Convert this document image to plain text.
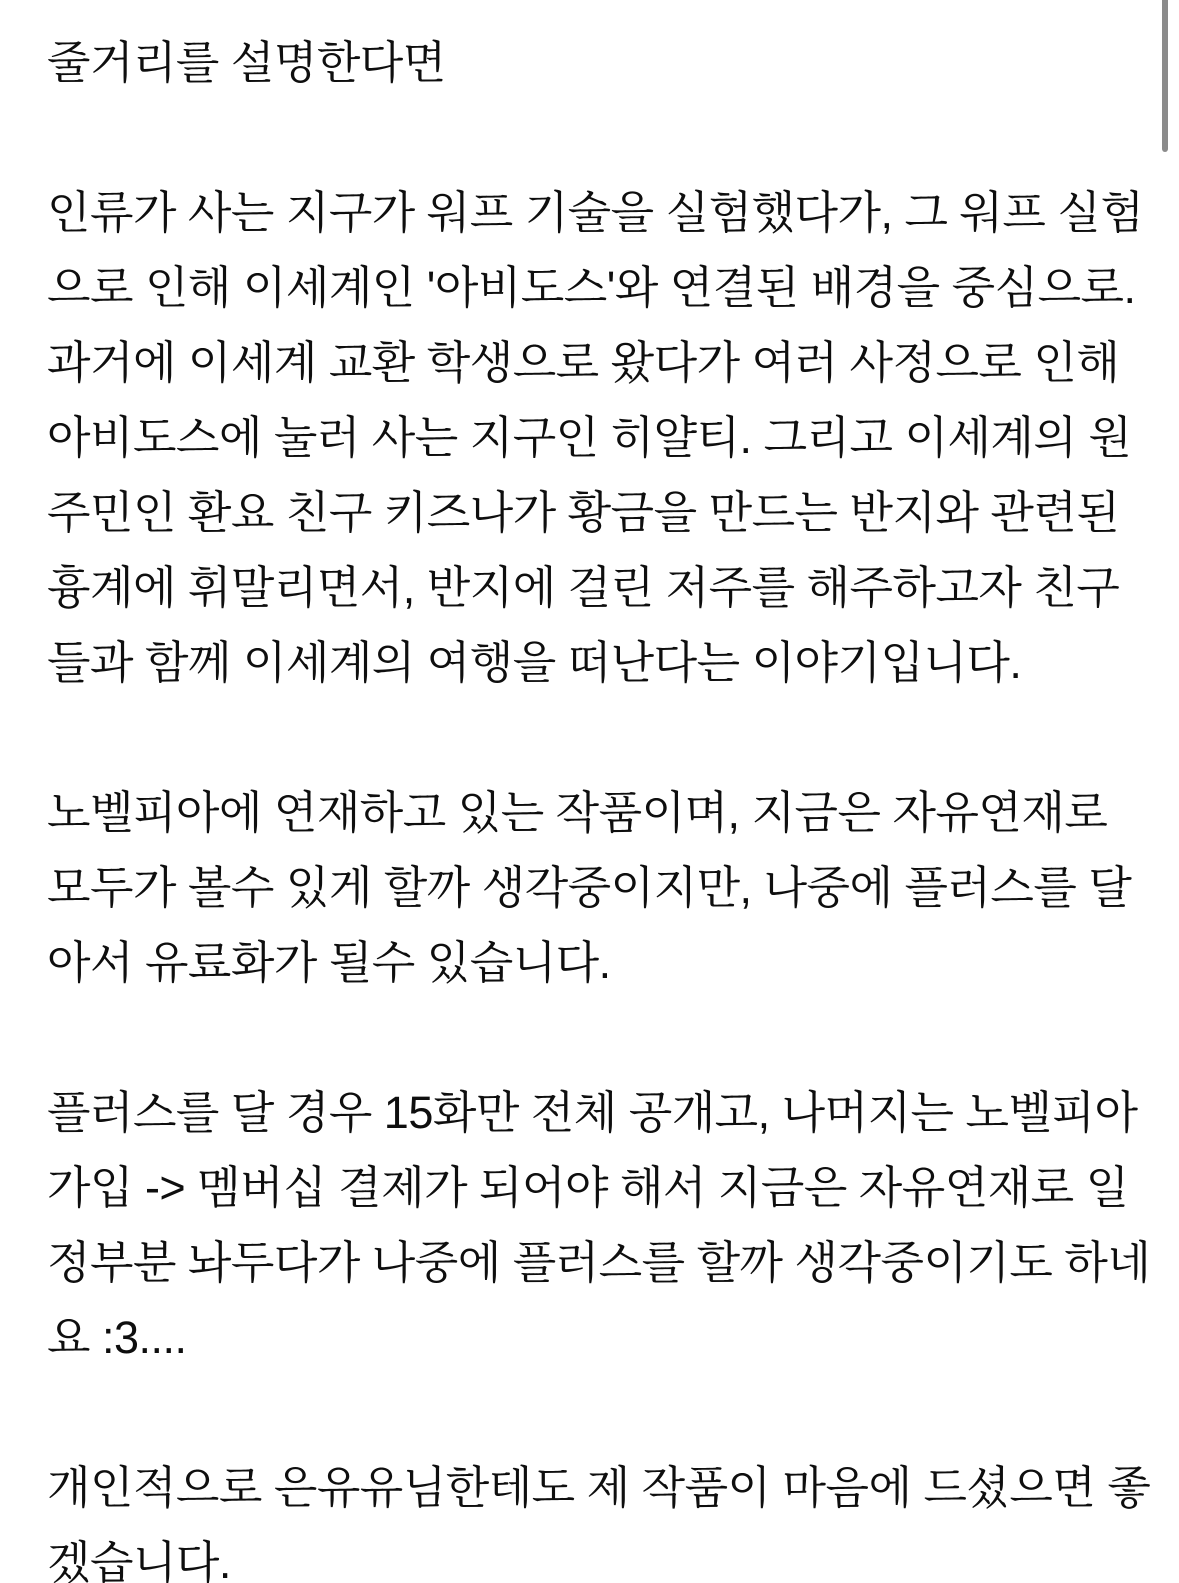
줄거리를 설명한다면
인류가 사는 지구가 워프 기술을 실험했다가, 그 워프 실험
으로 인해 이세계인 '아비도스'와 연결된 배경을 중심으로.
과거에 이세계 교환 학생으로 왔다가 여러 사정으로 인해
아비도스에 눌러 사는 지구인 히얄티. 그리고 이세계의 원
주민인 환요 친구 키즈나가 황금을 만드는 반지와 관련된
흉계에 휘말리면서, 반지에 걸린 저주를 해주하고자 친구
들과 함께 이세계의 여행을 떠난다는 이야기입니다.
노벨피아에 연재하고 있는 작품이며, 지금은 자유연재로
모두가 볼수 있게 할까 생각중이지만, 나중에 플러스를 달
아서 유료화가 될수 있습니다.
플러스를 달 경우 15화만 전체 공개고, 나머지는 노벨피아
가입 -> 멤버십 결제가 되어야 해서 지금은 자유연재로 일
정부분 놔두다가 나중에 플러스를 할까 생각중이기도 하네
요 :3....
개인적으로 은유유님한테도 제 작품이 마음에 드셨으면 좋
겠습니다.
